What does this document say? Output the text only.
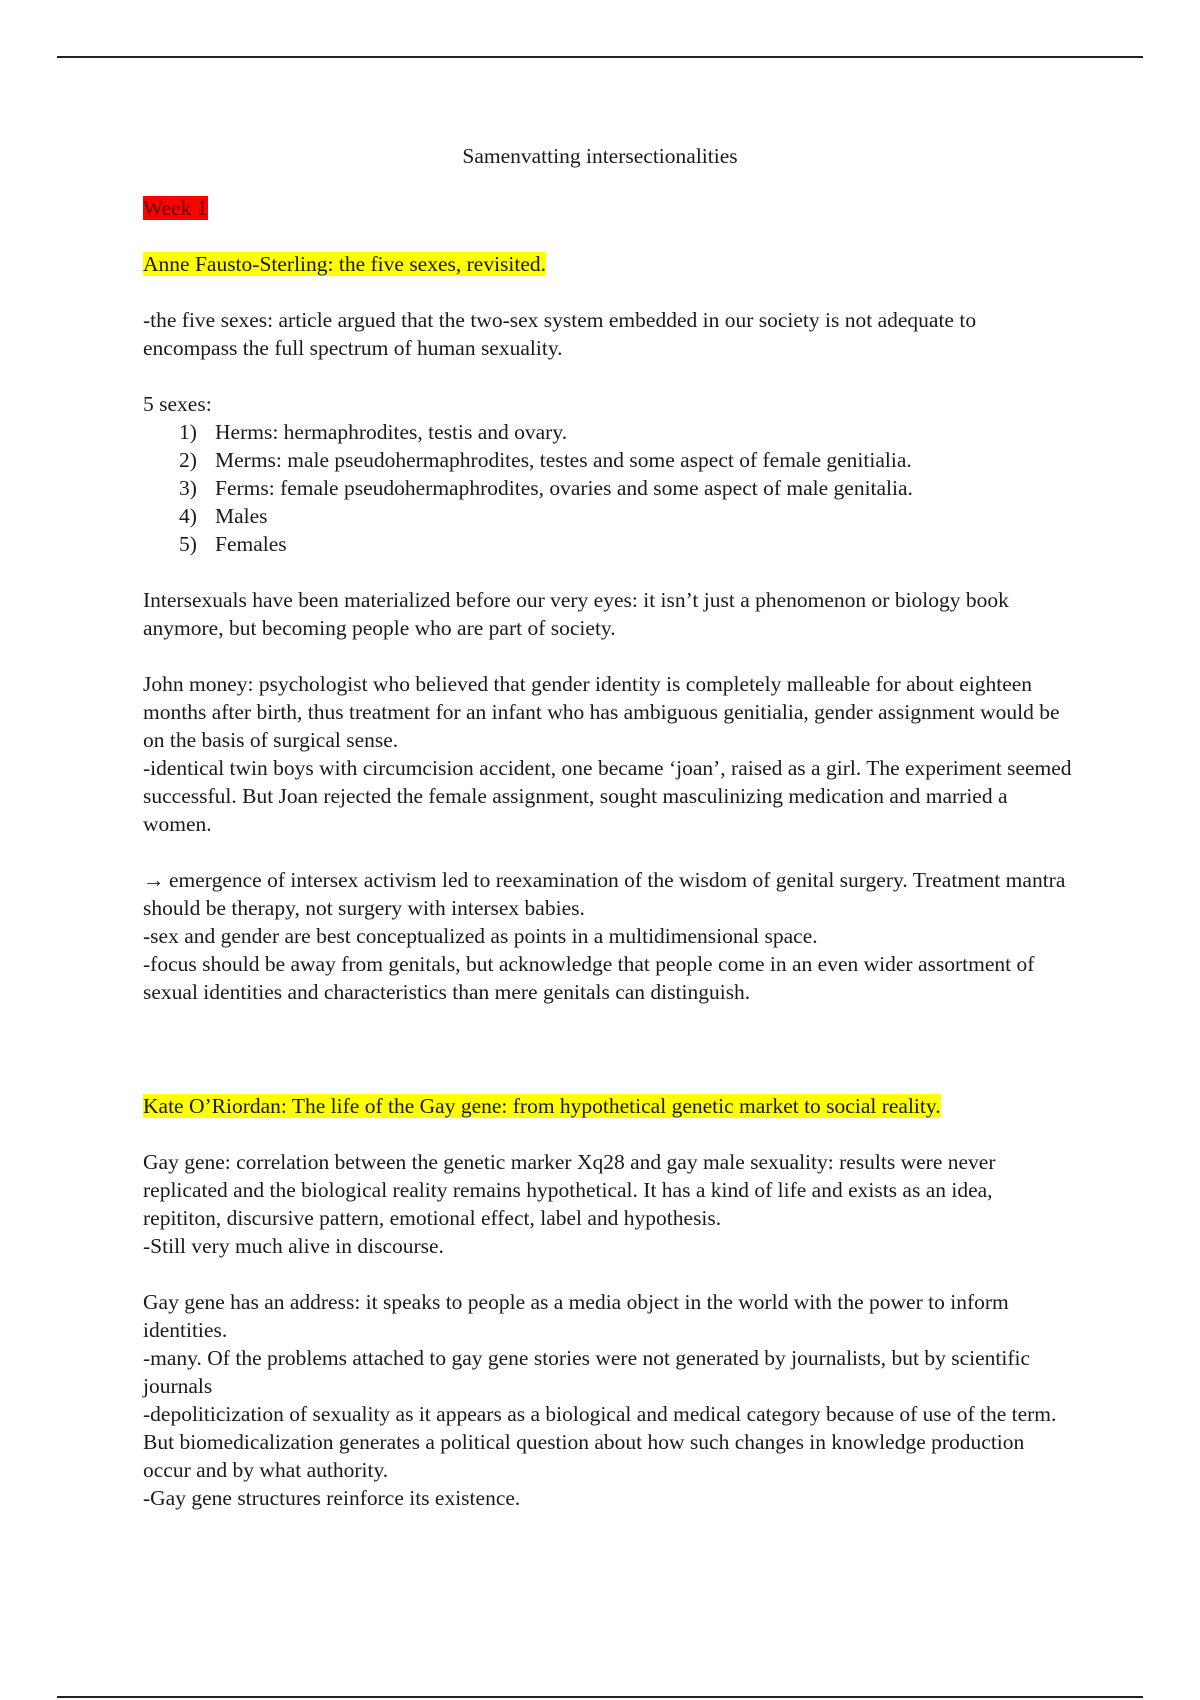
Samenvatting intersectionalities

Week 1

Anne Fausto-Sterling: the five sexes, revisited.

-the five sexes: article argued that the two-sex system embedded in our society is not adequate to encompass the full spectrum of human sexuality.

5 sexes:

1) Herms: hermaphrodites, testis and ovary.
2) Merms: male pseudohermaphrodites, testes and some aspect of female genitialia.
3) Ferms: female pseudohermaphrodites, ovaries and some aspect of male genitalia.
4) Males
5) Females

Intersexuals have been materialized before our very eyes: it isn’t just a phenomenon or biology book anymore, but becoming people who are part of society.

John money: psychologist who believed that gender identity is completely malleable for about eighteen months after birth, thus treatment for an infant who has ambiguous genitialia, gender assignment would be on the basis of surgical sense.

-identical twin boys with circumcision accident, one became ‘joan’, raised as a girl. The experiment seemed successful. But Joan rejected the female assignment, sought masculinizing medication and married a women.

→ emergence of intersex activism led to reexamination of the wisdom of genital surgery. Treatment mantra should be therapy, not surgery with intersex babies.

-sex and gender are best conceptualized as points in a multidimensional space.

-focus should be away from genitals, but acknowledge that people come in an even wider assortment of sexual identities and characteristics than mere genitals can distinguish.

Kate O’Riordan: The life of the Gay gene: from hypothetical genetic market to social reality.

Gay gene: correlation between the genetic marker Xq28 and gay male sexuality: results were never replicated and the biological reality remains hypothetical. It has a kind of life and exists as an idea, repititon, discursive pattern, emotional effect, label and hypothesis.

-Still very much alive in discourse.

Gay gene has an address: it speaks to people as a media object in the world with the power to inform identities.

-many. Of the problems attached to gay gene stories were not generated by journalists, but by scientific journals

-depoliticization of sexuality as it appears as a biological and medical category because of use of the term. But biomedicalization generates a political question about how such changes in knowledge production occur and by what authority.

-Gay gene structures reinforce its existence.
